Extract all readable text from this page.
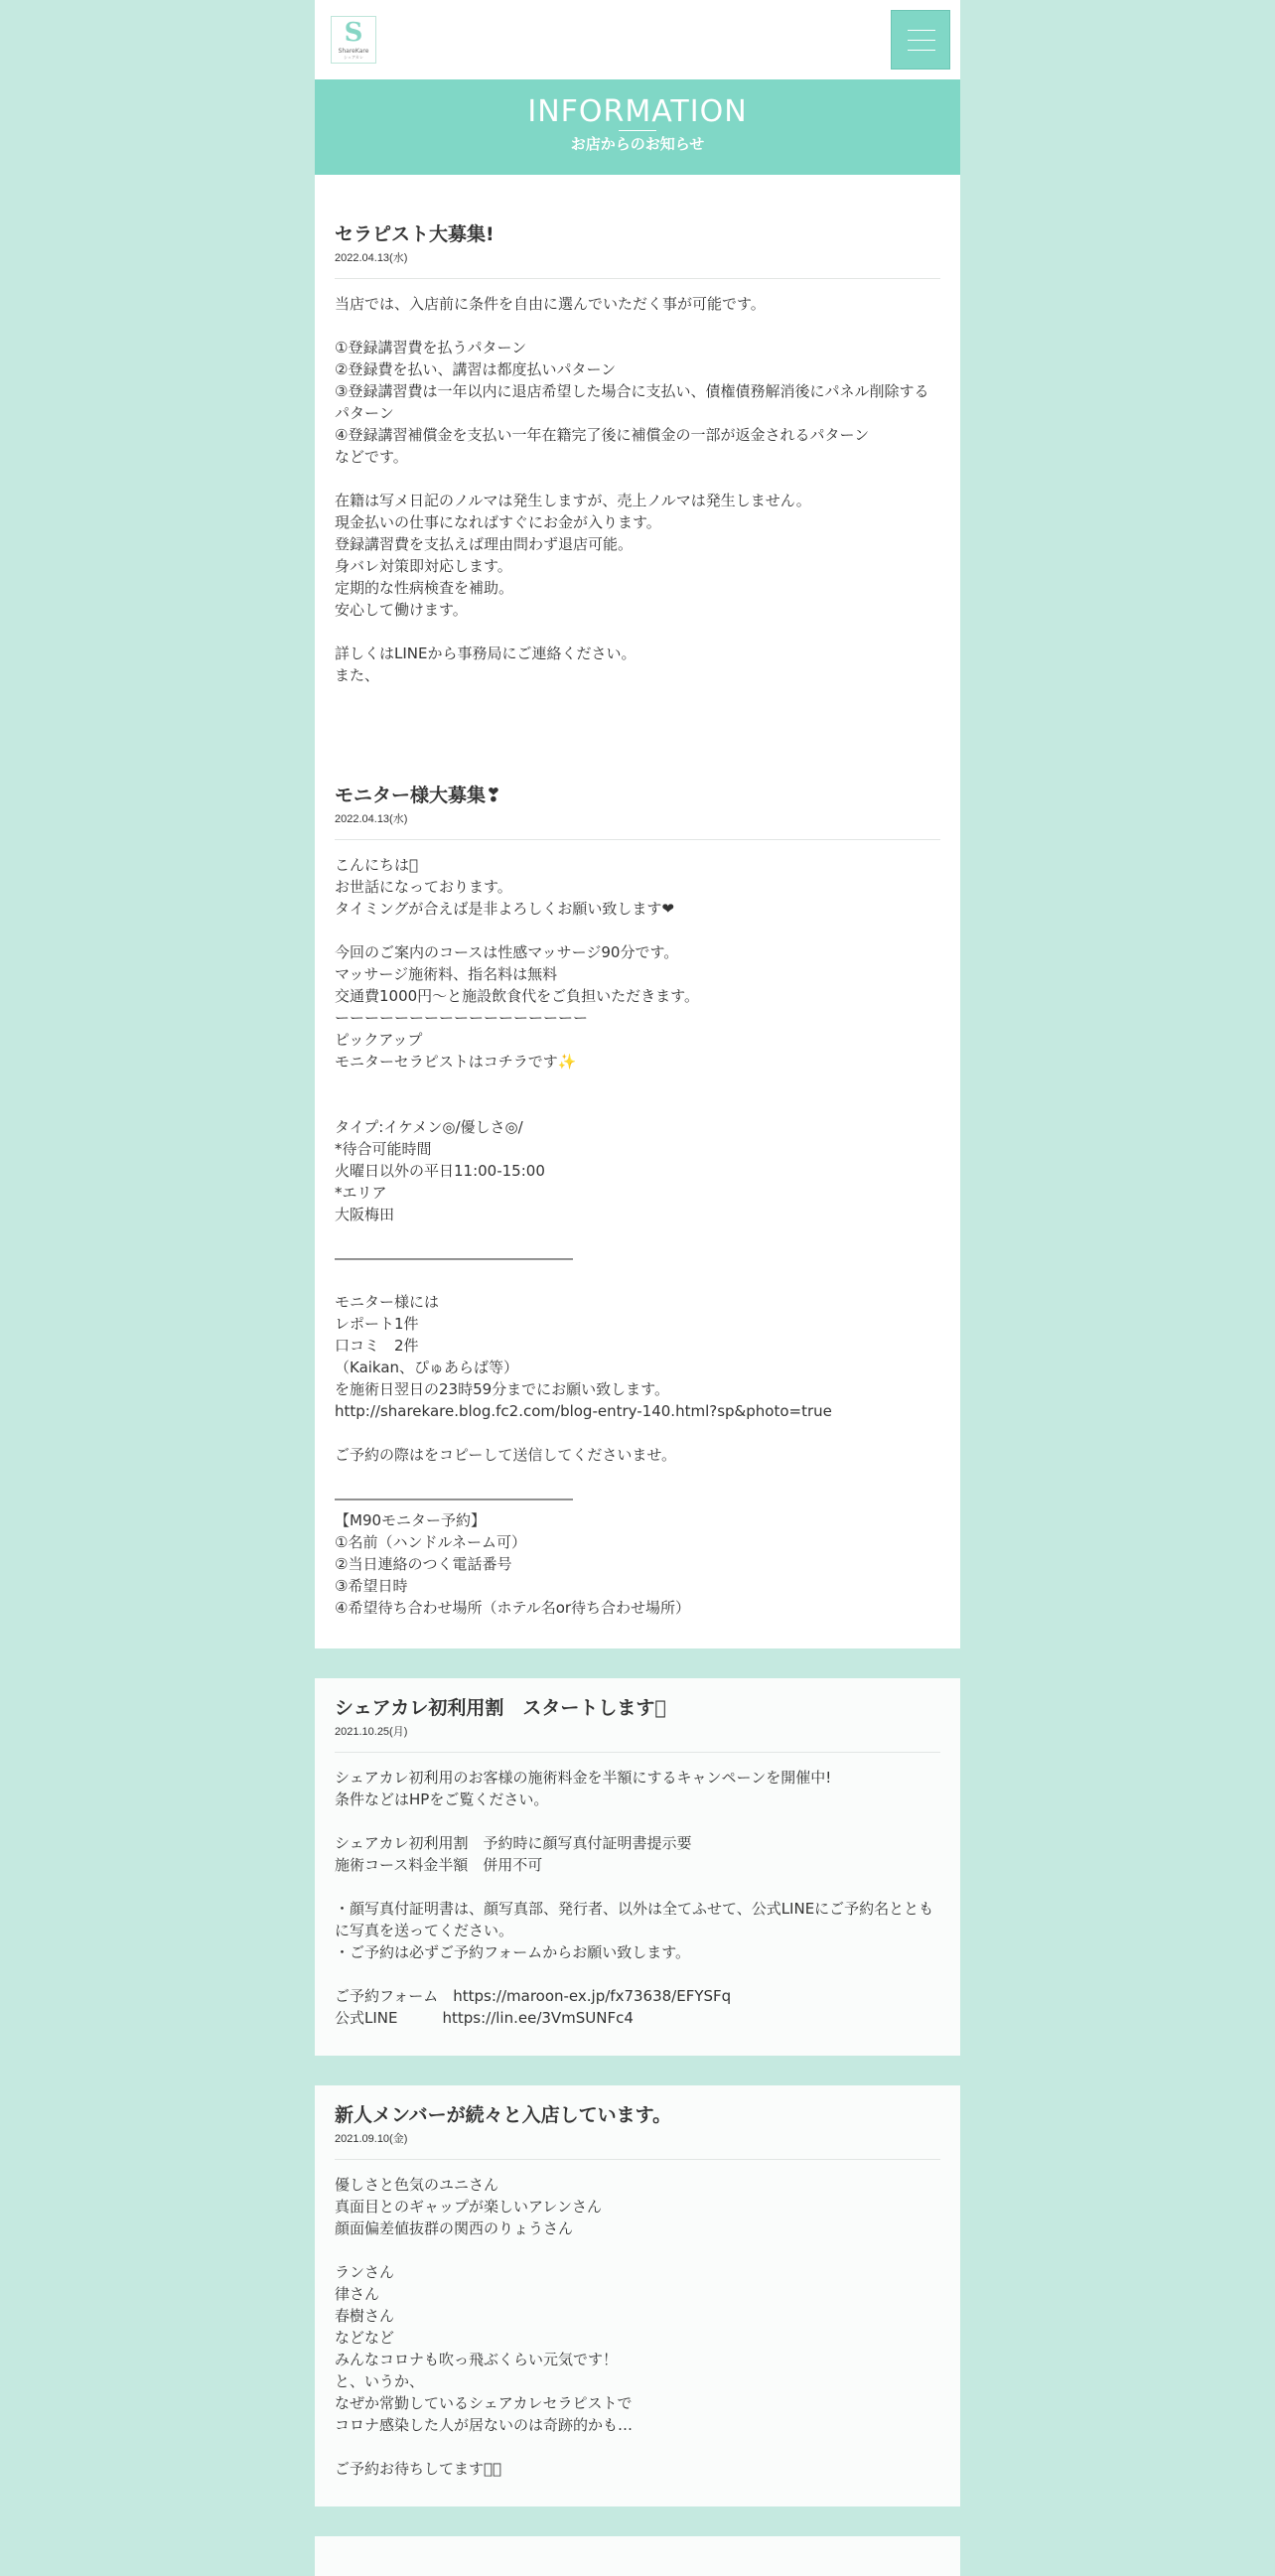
S
ShareKare
シェアカレ
INFORMATION
お店からのお知らせ
セラピスト大募集!
2022.04.13(水)
当店では、入店前に条件を自由に選んでいただく事が可能です。

①登録講習費を払うパターン
②登録費を払い、講習は都度払いパターン
③登録講習費は一年以内に退店希望した場合に支払い、債権債務解消後にパネル削除するパターン
④登録講習補償金を支払い一年在籍完了後に補償金の一部が返金されるパターン
などです。

在籍は写メ日記のノルマは発生しますが、売上ノルマは発生しません。
現金払いの仕事になればすぐにお金が入ります。
登録講習費を支払えば理由問わず退店可能。
身バレ対策即対応します。
定期的な性病検査を補助。
安心して働けます。

詳しくはLINEから事務局にご連絡ください。
また、
モニター様大募集❣
2022.04.13(水)
こんにちは􀀀
お世話になっております。
タイミングが合えば是非よろしくお願い致します❤

今回のご案内のコースは性感マッサージ90分です。
マッサージ施術料、指名料は無料
交通費1000円〜と施設飲食代をご負担いただきます。
ーーーーーーーーーーーーーーーーー
ピックアップ
モニターセラピストはコチラです✨

タイプ:イケメン◎/優しさ◎/
*待合可能時間
火曜日以外の平日11:00-15:00
*エリア
大阪梅田

――――――――――――――――

モニター様には
レポート1件
口コミ　2件
（Kaikan、ぴゅあらば等）
を施術日翌日の23時59分までにお願い致します。
http://sharekare.blog.fc2.com/blog-entry-140.html?sp&photo=true

ご予約の際はをコピーして送信してくださいませ。

――――――――――――――――
【M90モニター予約】
①名前（ハンドルネーム可）
②当日連絡のつく電話番号
③希望日時
④希望待ち合わせ場所（ホテル名or待ち合わせ場所）
シェアカレ初利用割　スタートします􀀀
2021.10.25(月)
シェアカレ初利用のお客様の施術料金を半額にするキャンペーンを開催中!
条件などはHPをご覧ください。

シェアカレ初利用割　予約時に顔写真付証明書提示要
施術コース料金半額　併用不可

・顔写真付証明書は、顔写真部、発行者、以外は全てふせて、公式LINEにご予約名とともに写真を送ってください。
・ご予約は必ずご予約フォームからお願い致します。

ご予約フォーム　https://maroon-ex.jp/fx73638/EFYSFq
公式LINE　　　https://lin.ee/3VmSUNFc4
新人メンバーが続々と入店しています。
2021.09.10(金)
優しさと色気のユニさん
真面目とのギャップが楽しいアレンさん
顔面偏差値抜群の関西のりょうさん

ランさん
律さん
春樹さん
などなど
みんなコロナも吹っ飛ぶくらい元気です！
と、いうか、
なぜか常勤しているシェアカレセラピストで
コロナ感染した人が居ないのは奇跡的かも…

ご予約お待ちしてます􀀀􀀀
